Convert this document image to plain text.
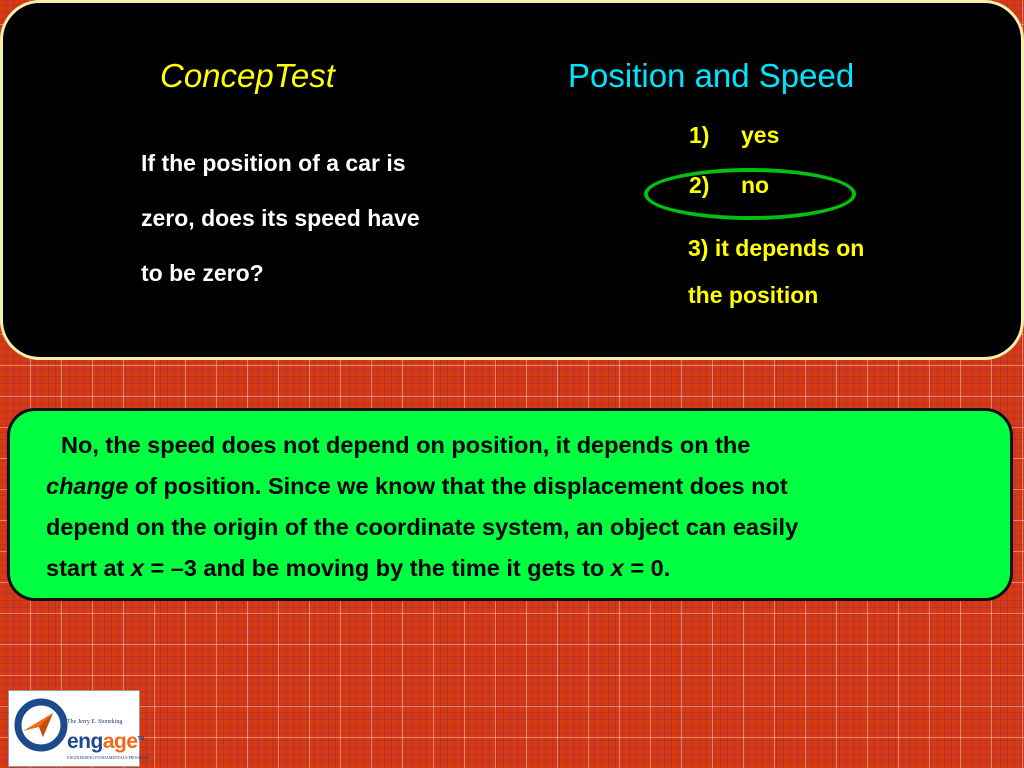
ConcepTest	Position and Speed
If the position of a car is
zero, does its speed have
to be zero?
1) yes
2) no
3) it depends on
the position
No, the speed does not depend on position, it depends on the
change of position. Since we know that the displacement does not
depend on the origin of the coordinate system, an object can easily
start at x = –3 and be moving by the time it gets to x = 0.
The Jerry E. Stoneking
engage™
ENGINEERING FUNDAMENTALS PROGRAM
